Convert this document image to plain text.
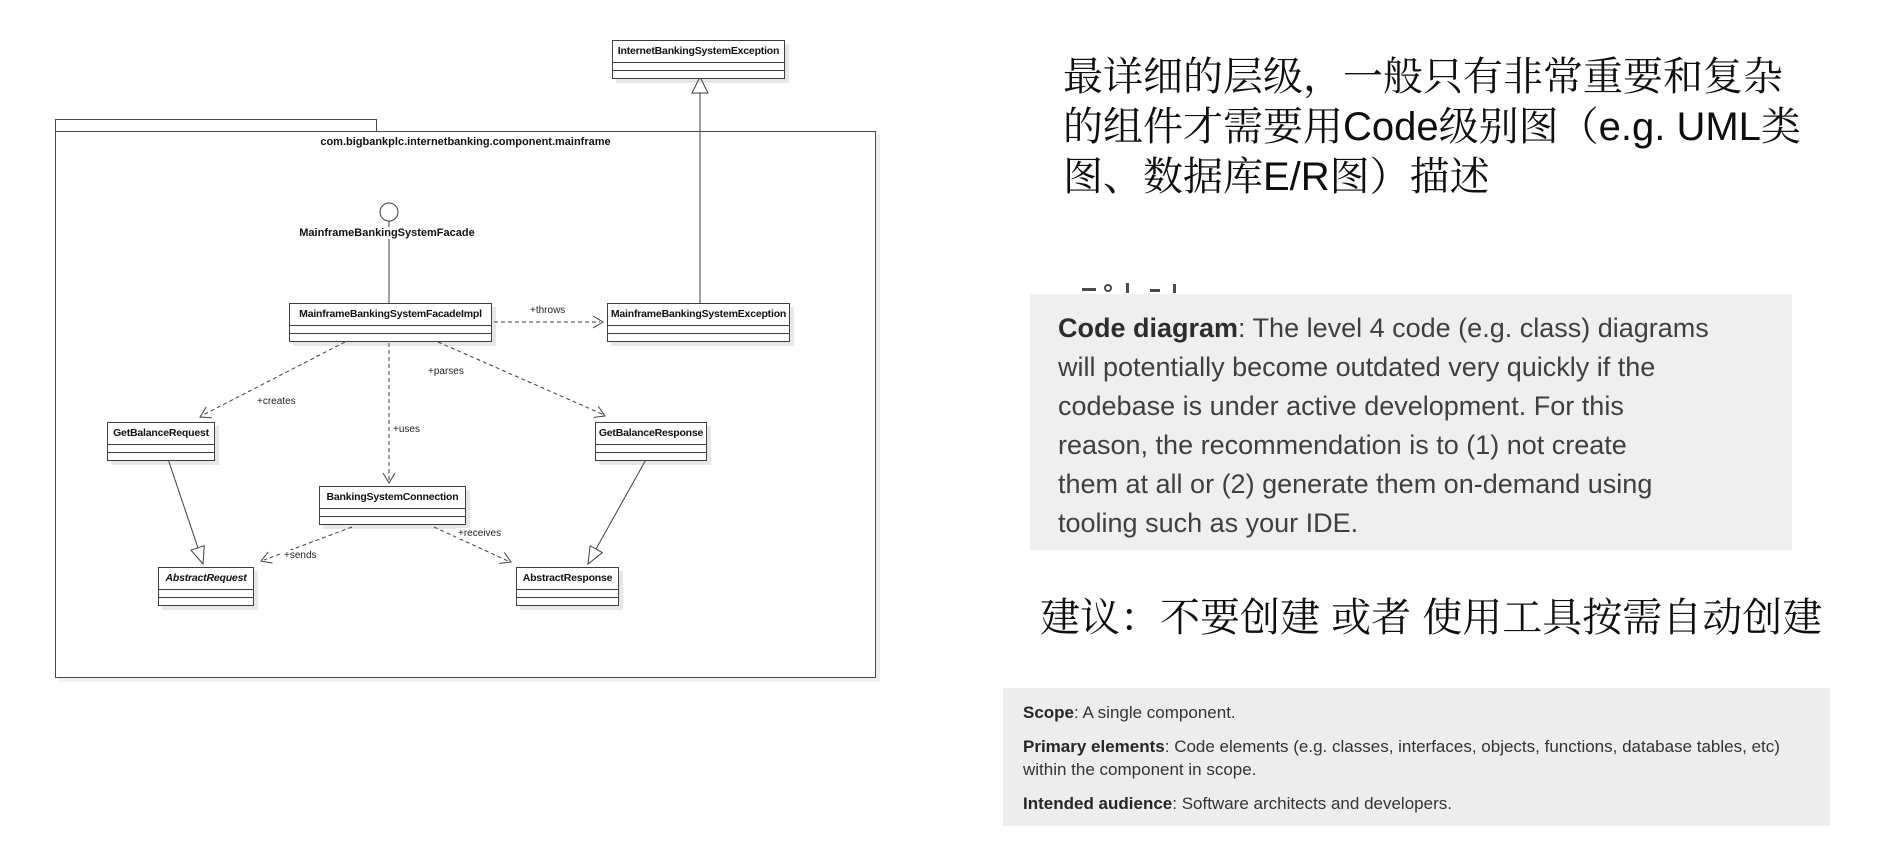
com.bigbankplc.internetbanking.component.mainframe
InternetBankingSystemException
MainframeBankingSystemFacadeImpl	MainframeBankingSystemException
GetBalanceRequest	GetBalanceResponse
BankingSystemConnection
AbstractRequest	AbstractResponse
MainframeBankingSystemFacade
+throws
+creates
+uses
+parses
+sends
+receives
最详细的层级，一般只有非常重要和复杂
的组件才需要用Code级别图（e.g. UML类
图、数据库E/R图）描述
Code diagram: The level 4 code (e.g. class) diagrams
will potentially become outdated very quickly if the
codebase is under active development. For this
reason, the recommendation is to (1) not create
them at all or (2) generate them on-demand using
tooling such as your IDE.
建议：不要创建 或者 使用工具按需自动创建

Scope: A single component.

Primary elements: Code elements (e.g. classes, interfaces, objects, functions, database tables, etc) within the component in scope.

Intended audience: Software architects and developers.
